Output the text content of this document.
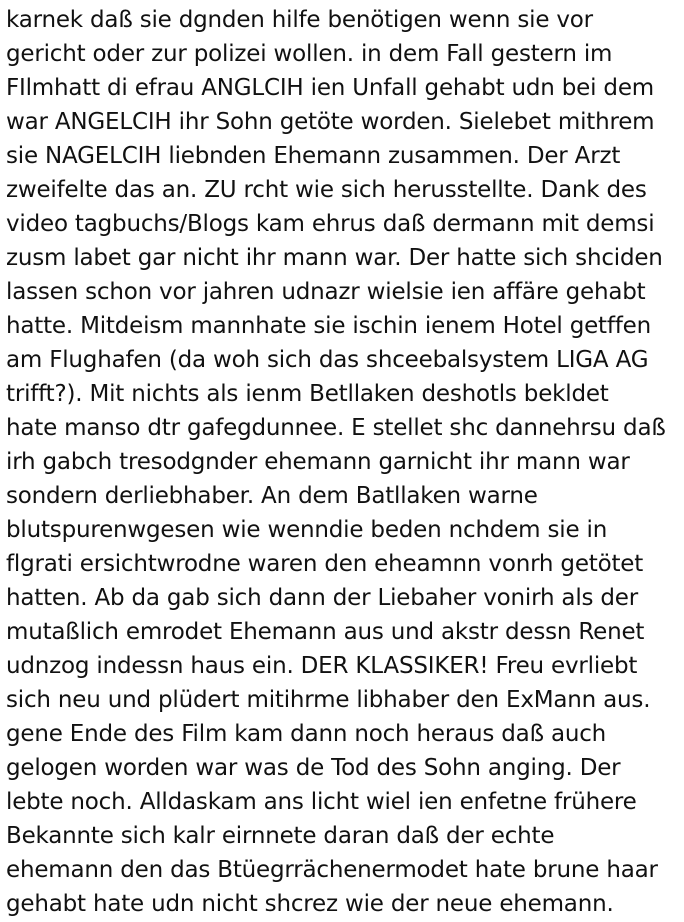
karnek daß sie dgnden hilfe benötigen wenn sie vor
gericht oder zur polizei wollen. in dem Fall gestern im
FIlmhatt di efrau ANGLCIH ien Unfall gehabt udn bei dem
war ANGELCIH ihr Sohn getöte worden. Sielebet mithrem
sie NAGELCIH liebnden Ehemann zusammen. Der Arzt
zweifelte das an. ZU rcht wie sich herusstellte. Dank des
video tagbuchs/Blogs kam ehrus daß dermann mit demsi
zusm labet gar nicht ihr mann war. Der hatte sich shciden
lassen schon vor jahren udnazr wielsie ien affäre gehabt
hatte. Mitdeism mannhate sie ischin ienem Hotel getffen
am Flughafen (da woh sich das shceebalsystem LIGA AG
trifft?). Mit nichts als ienm Betllaken deshotls bekldet
hate manso dtr gafegdunnee. E stellet shc dannehrsu daß
irh gabch tresodgnder ehemann garnicht ihr mann war
sondern derliebhaber. An dem Batllaken warne
blutspurenwgesen wie wenndie beden nchdem sie in
flgrati ersichtwrodne waren den eheamnn vonrh getötet
hatten. Ab da gab sich dann der Liebaher vonirh als der
mutaßlich emrodet Ehemann aus und akstr dessn Renet
udnzog indessn haus ein. DER KLASSIKER! Freu evrliebt
sich neu und plüdert mitihrme libhaber den ExMann aus.
gene Ende des Film kam dann noch heraus daß auch
gelogen worden war was de Tod des Sohn anging. Der
lebte noch. Alldaskam ans licht wiel ien enfetne frühere
Bekannte sich kalr eirnnete daran daß der echte
ehemann den das Btüegrrächenermodet hate brune haar
gehabt hate udn nicht shcrez wie der neue ehemann.
